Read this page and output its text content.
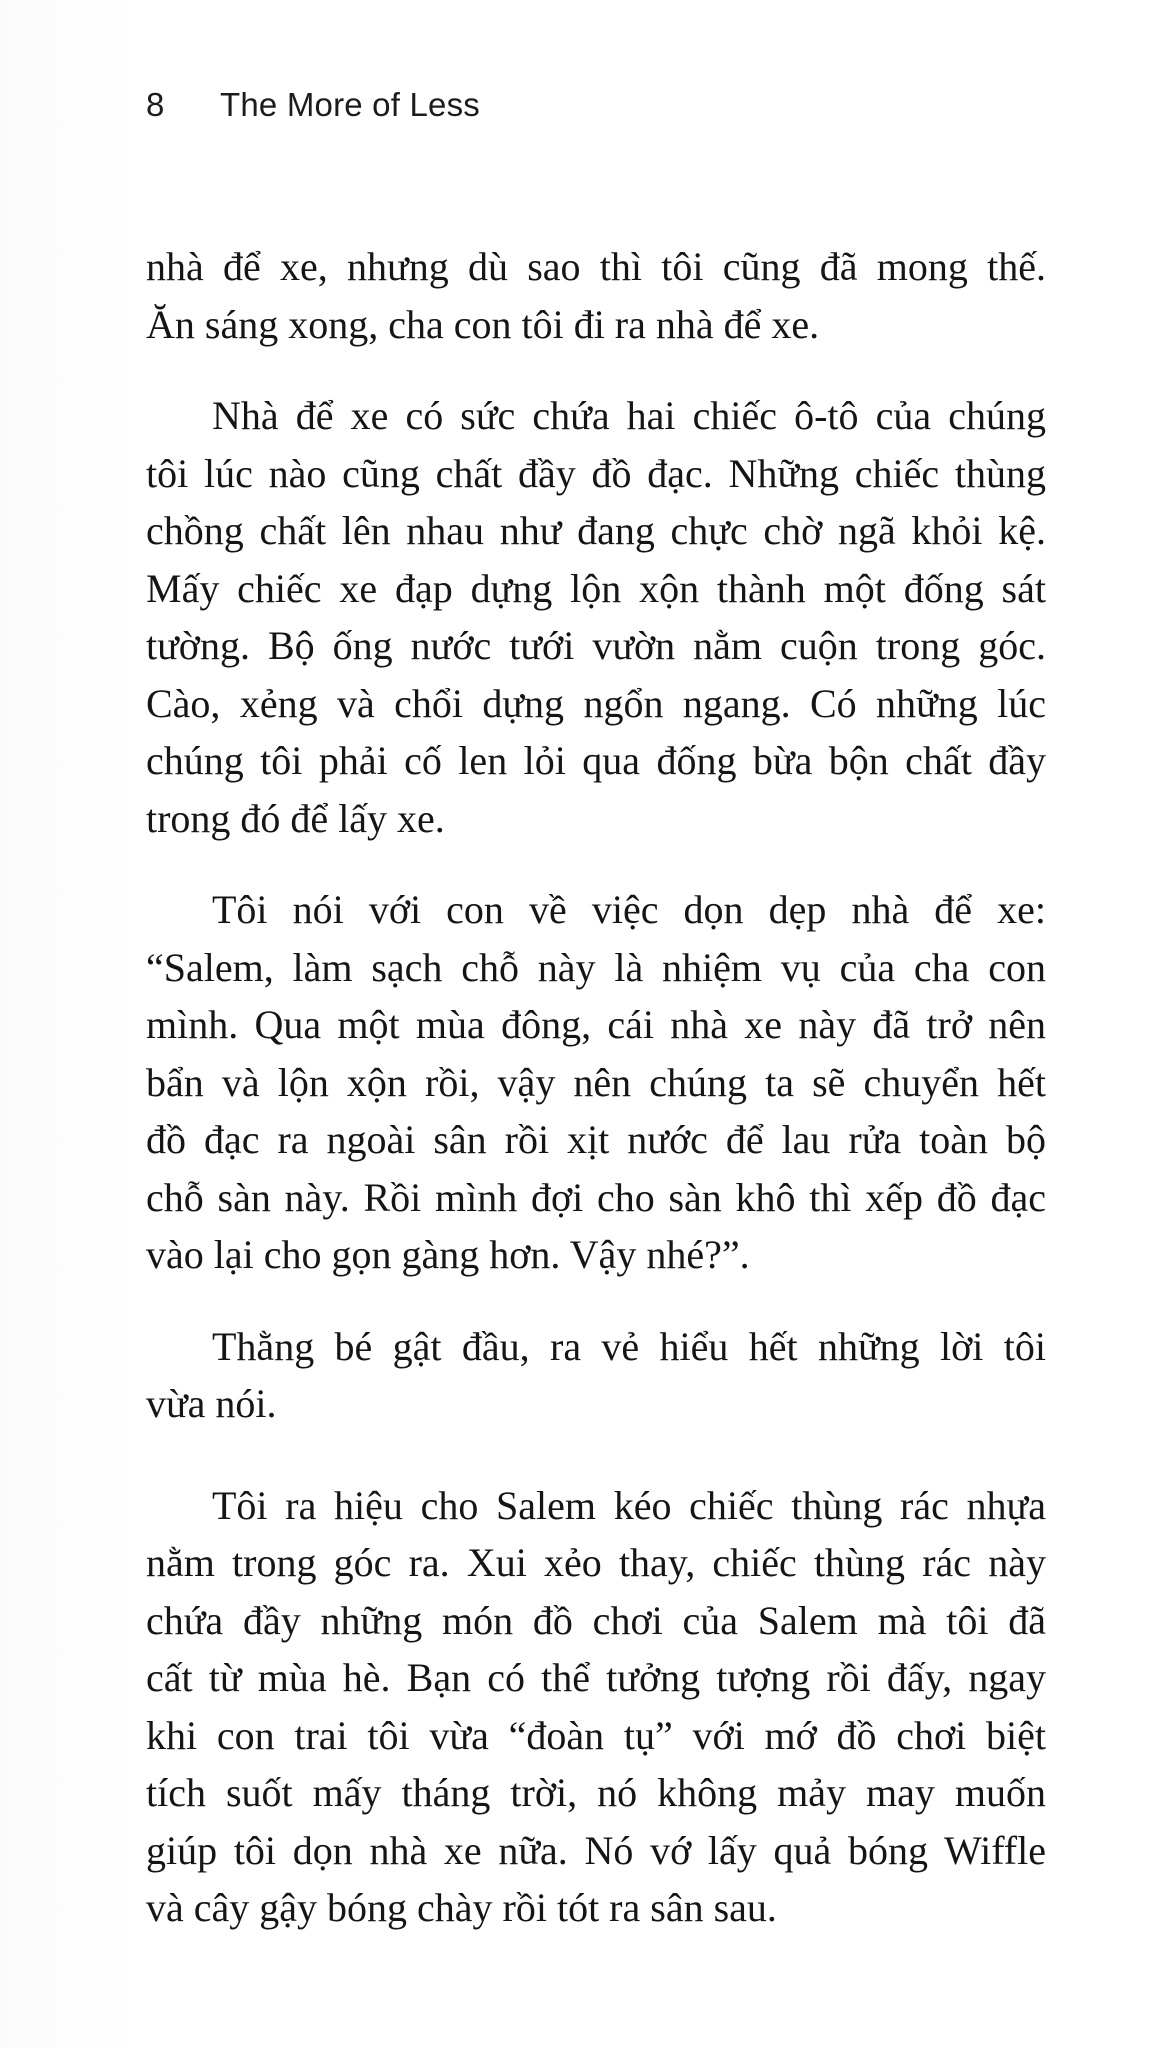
8 The More of Less
nhà để xe, nhưng dù sao thì tôi cũng đã mong thế.
Ăn sáng xong, cha con tôi đi ra nhà để xe.
Nhà để xe có sức chứa hai chiếc ô-tô của chúng
tôi lúc nào cũng chất đầy đồ đạc. Những chiếc thùng
chồng chất lên nhau như đang chực chờ ngã khỏi kệ.
Mấy chiếc xe đạp dựng lộn xộn thành một đống sát
tường. Bộ ống nước tưới vườn nằm cuộn trong góc.
Cào, xẻng và chổi dựng ngổn ngang. Có những lúc
chúng tôi phải cố len lỏi qua đống bừa bộn chất đầy
trong đó để lấy xe.
Tôi nói với con về việc dọn dẹp nhà để xe:
“Salem, làm sạch chỗ này là nhiệm vụ của cha con
mình. Qua một mùa đông, cái nhà xe này đã trở nên
bẩn và lộn xộn rồi, vậy nên chúng ta sẽ chuyển hết
đồ đạc ra ngoài sân rồi xịt nước để lau rửa toàn bộ
chỗ sàn này. Rồi mình đợi cho sàn khô thì xếp đồ đạc
vào lại cho gọn gàng hơn. Vậy nhé?”.
Thằng bé gật đầu, ra vẻ hiểu hết những lời tôi
vừa nói.
Tôi ra hiệu cho Salem kéo chiếc thùng rác nhựa
nằm trong góc ra. Xui xẻo thay, chiếc thùng rác này
chứa đầy những món đồ chơi của Salem mà tôi đã
cất từ mùa hè. Bạn có thể tưởng tượng rồi đấy, ngay
khi con trai tôi vừa “đoàn tụ” với mớ đồ chơi biệt
tích suốt mấy tháng trời, nó không mảy may muốn
giúp tôi dọn nhà xe nữa. Nó vớ lấy quả bóng Wiffle
và cây gậy bóng chày rồi tót ra sân sau.
